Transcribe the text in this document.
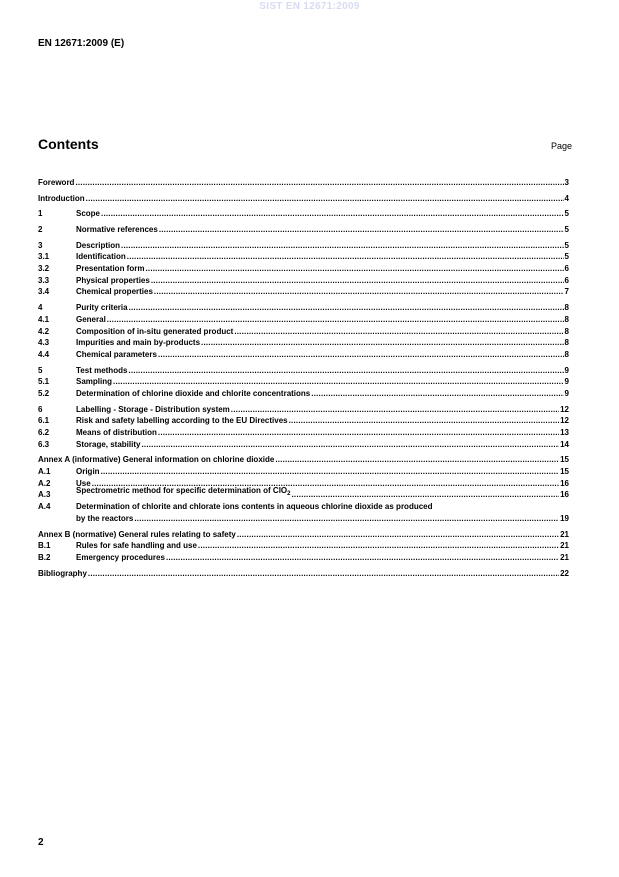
SIST EN 12671:2009
EN 12671:2009 (E)
Contents	Page
Foreword .....	3
Introduction .....	4
1	Scope .....	5
2	Normative references .....	5
3	Description .....	5
3.1	Identification .....	5
3.2	Presentation form .....	6
3.3	Physical properties .....	6
3.4	Chemical properties .....	7
4	Purity criteria .....	8
4.1	General .....	8
4.2	Composition of in-situ generated product .....	8
4.3	Impurities and main by-products .....	8
4.4	Chemical parameters .....	8
5	Test methods .....	9
5.1	Sampling .....	9
5.2	Determination of chlorine dioxide and chlorite concentrations .....	9
6	Labelling - Storage - Distribution system .....	12
6.1	Risk and safety labelling according to the EU Directives .....	12
6.2	Means of distribution .....	13
6.3	Storage, stability .....	14
Annex A (informative) General information on chlorine dioxide .....	15
A.1	Origin .....	15
A.2	Use .....	16
A.3	Spectrometric method for specific determination of ClO$_2$ .....	16
A.4	Determination of chlorite and chlorate ions contents in aqueous chlorine dioxide as produced
by the reactors .....	19
Annex B (normative) General rules relating to safety .....	21
B.1	Rules for safe handling and use .....	21
B.2	Emergency procedures .....	21
Bibliography .....	22
2
